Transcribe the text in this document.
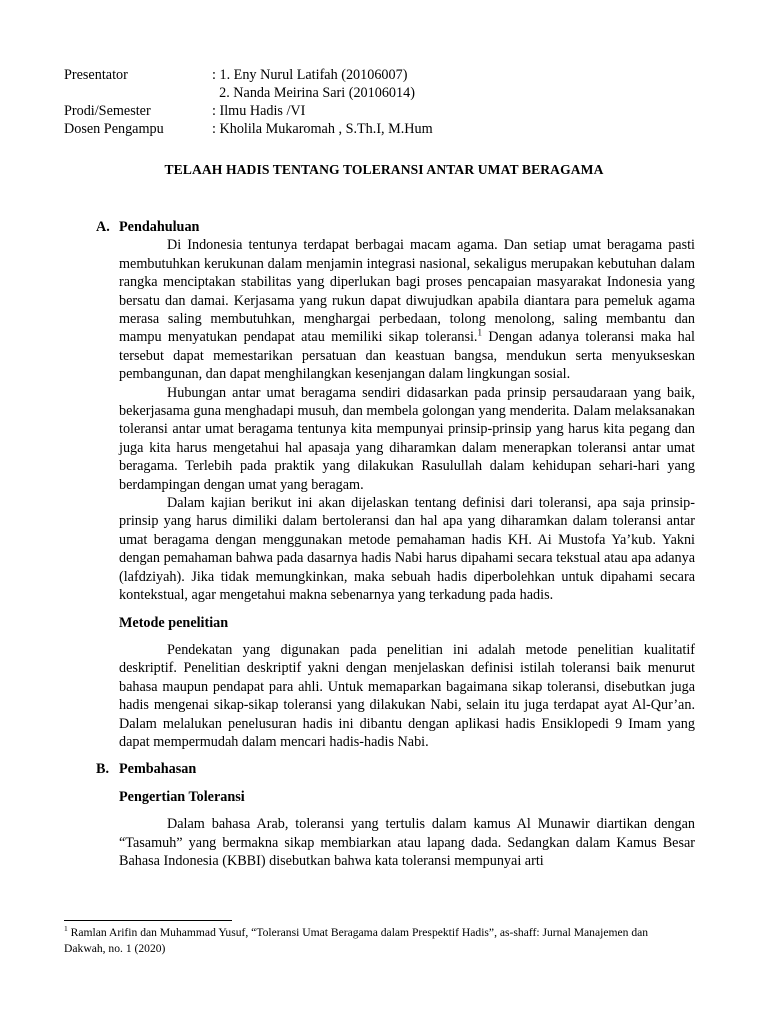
Presentator	: 1. Eny Nurul Latifah (20106007)
2. Nanda Meirina Sari (20106014)
Prodi/Semester	: Ilmu Hadis /VI
Dosen Pengampu	: Kholila Mukaromah , S.Th.I, M.Hum
TELAAH HADIS TENTANG TOLERANSI ANTAR UMAT BERAGAMA
A. Pendahuluan

Di Indonesia tentunya terdapat berbagai macam agama. Dan setiap umat beragama pasti membutuhkan kerukunan dalam menjamin integrasi nasional, sekaligus merupakan kebutuhan dalam rangka menciptakan stabilitas yang diperlukan bagi proses pencapaian masyarakat Indonesia yang bersatu dan damai. Kerjasama yang rukun dapat diwujudkan apabila diantara para pemeluk agama merasa saling membutuhkan, menghargai perbedaan, tolong menolong, saling membantu dan mampu menyatukan pendapat atau memiliki sikap toleransi.$^1$ Dengan adanya toleransi maka hal tersebut dapat memestarikan persatuan dan keastuan bangsa, mendukun serta menyukseskan pembangunan, dan dapat menghilangkan kesenjangan dalam lingkungan sosial.

Hubungan antar umat beragama sendiri didasarkan pada prinsip persaudaraan yang baik, bekerjasama guna menghadapi musuh, dan membela golongan yang menderita. Dalam melaksanakan toleransi antar umat beragama tentunya kita mempunyai prinsip-prinsip yang harus kita pegang dan juga kita harus mengetahui hal apasaja yang diharamkan dalam menerapkan toleransi antar umat beragama. Terlebih pada praktik yang dilakukan Rasulullah dalam kehidupan sehari-hari yang berdampingan dengan umat yang beragam.

Dalam kajian berikut ini akan dijelaskan tentang definisi dari toleransi, apa saja prinsip-prinsip yang harus dimiliki dalam bertoleransi dan hal apa yang diharamkan dalam toleransi antar umat beragama dengan menggunakan metode pemahaman hadis KH. Ai Mustofa Ya’kub. Yakni dengan pemahaman bahwa pada dasarnya hadis Nabi harus dipahami secara tekstual atau apa adanya (lafdziyah). Jika tidak memungkinkan, maka sebuah hadis diperbolehkan untuk dipahami secara kontekstual, agar mengetahui makna sebenarnya yang terkadung pada hadis.

Metode penelitian

Pendekatan yang digunakan pada penelitian ini adalah metode penelitian kualitatif deskriptif. Penelitian deskriptif yakni dengan menjelaskan definisi istilah toleransi baik menurut bahasa maupun pendapat para ahli. Untuk memaparkan bagaimana sikap toleransi, disebutkan juga hadis mengenai sikap-sikap toleransi yang dilakukan Nabi, selain itu juga terdapat ayat Al-Qur’an. Dalam melalukan penelusuran hadis ini dibantu dengan aplikasi hadis Ensiklopedi 9 Imam yang dapat mempermudah dalam mencari hadis-hadis Nabi.

B. Pembahasan
Pengertian Toleransi

Dalam bahasa Arab, toleransi yang tertulis dalam kamus Al Munawir diartikan dengan “Tasamuh” yang bermakna sikap membiarkan atau lapang dada. Sedangkan dalam Kamus Besar Bahasa Indonesia (KBBI) disebutkan bahwa kata toleransi mempunyai arti

$^1$ Ramlan Arifin dan Muhammad Yusuf, “Toleransi Umat Beragama dalam Prespektif Hadis”, as-shaff: Jurnal Manajemen dan Dakwah, no. 1 (2020)
